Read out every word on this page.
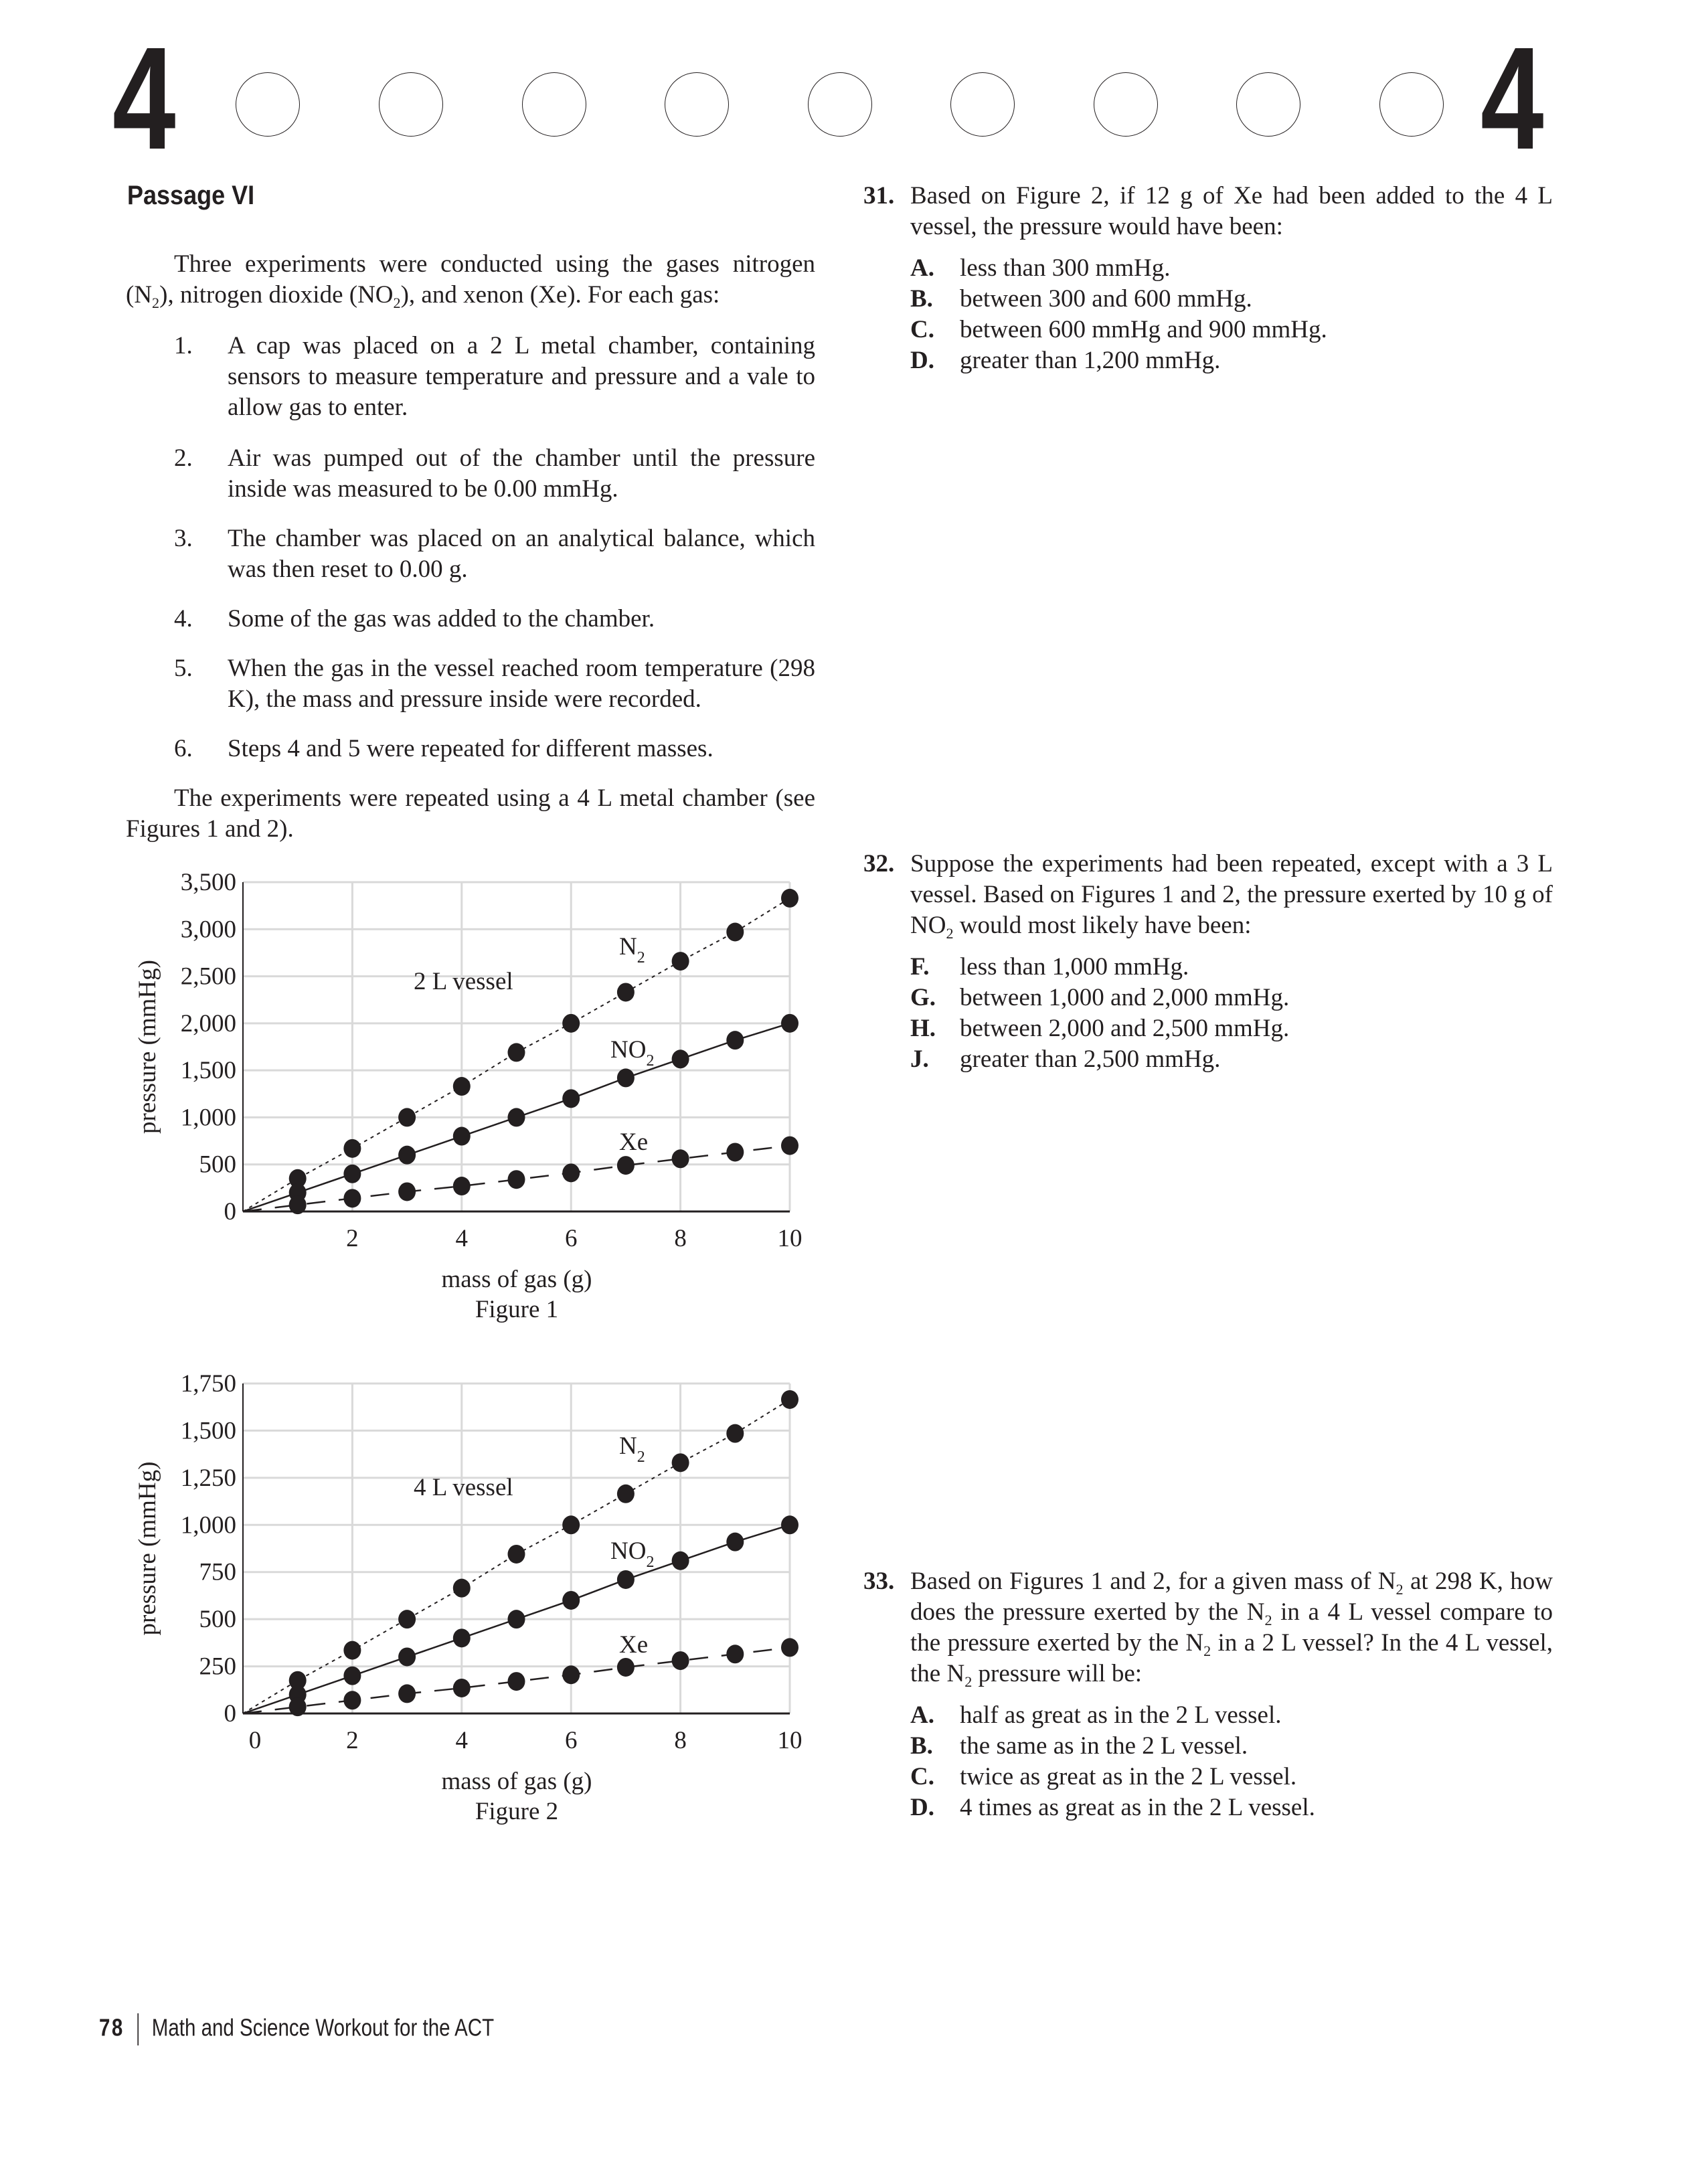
4	4
Passage VI
Three experiments were conducted using the gases nitrogen $(N_2)$, nitrogen dioxide $(NO_2)$, and xenon (Xe). For each gas:
1. A cap was placed on a 2 L metal chamber, containing sensors to measure temperature and pressure and a vale to allow gas to enter.
2. Air was pumped out of the chamber until the pressure inside was measured to be 0.00 mmHg.
3. The chamber was placed on an analytical balance, which was then reset to 0.00 g.
4. Some of the gas was added to the chamber.
5. When the gas in the vessel reached room temperature (298 K), the mass and pressure inside were recorded.
6. Steps 4 and 5 were repeated for different masses.
The experiments were repeated using a 4 L metal chamber (see Figures 1 and 2).
0
500
1,000
1,500
2,000
2,500
3,000
3,500
2	4	6	8	10
$N_2$
$NO_2$
Xe
2 L vessel
mass of gas (g)
Figure 1
pressure (mmHg)
0
250
500
750
1,000
1,250
1,500
1,750
0	2	4	6	8	10
$N_2$
$NO_2$
Xe
4 L vessel
mass of gas (g)
Figure 2
pressure (mmHg)
31. Based on Figure 2, if 12 g of Xe had been added to the 4 L vessel, the pressure would have been:
A. less than 300 mmHg.
B. between 300 and 600 mmHg.
C. between 600 mmHg and 900 mmHg.
D. greater than 1,200 mmHg.
32. Suppose the experiments had been repeated, except with a 3 L vessel. Based on Figures 1 and 2, the pressure exerted by 10 g of $NO_2$ would most likely have been:
F. less than 1,000 mmHg.
G. between 1,000 and 2,000 mmHg.
H. between 2,000 and 2,500 mmHg.
J. greater than 2,500 mmHg.
33. Based on Figures 1 and 2, for a given mass of $N_2$ at 298 K, how does the pressure exerted by the $N_2$ in a 4 L vessel compare to the pressure exerted by the $N_2$ in a 2 L vessel? In the 4 L vessel, the $N_2$ pressure will be:
A. half as great as in the 2 L vessel.
B. the same as in the 2 L vessel.
C. twice as great as in the 2 L vessel.
D. 4 times as great as in the 2 L vessel.
78 Math and Science Workout for the ACT
